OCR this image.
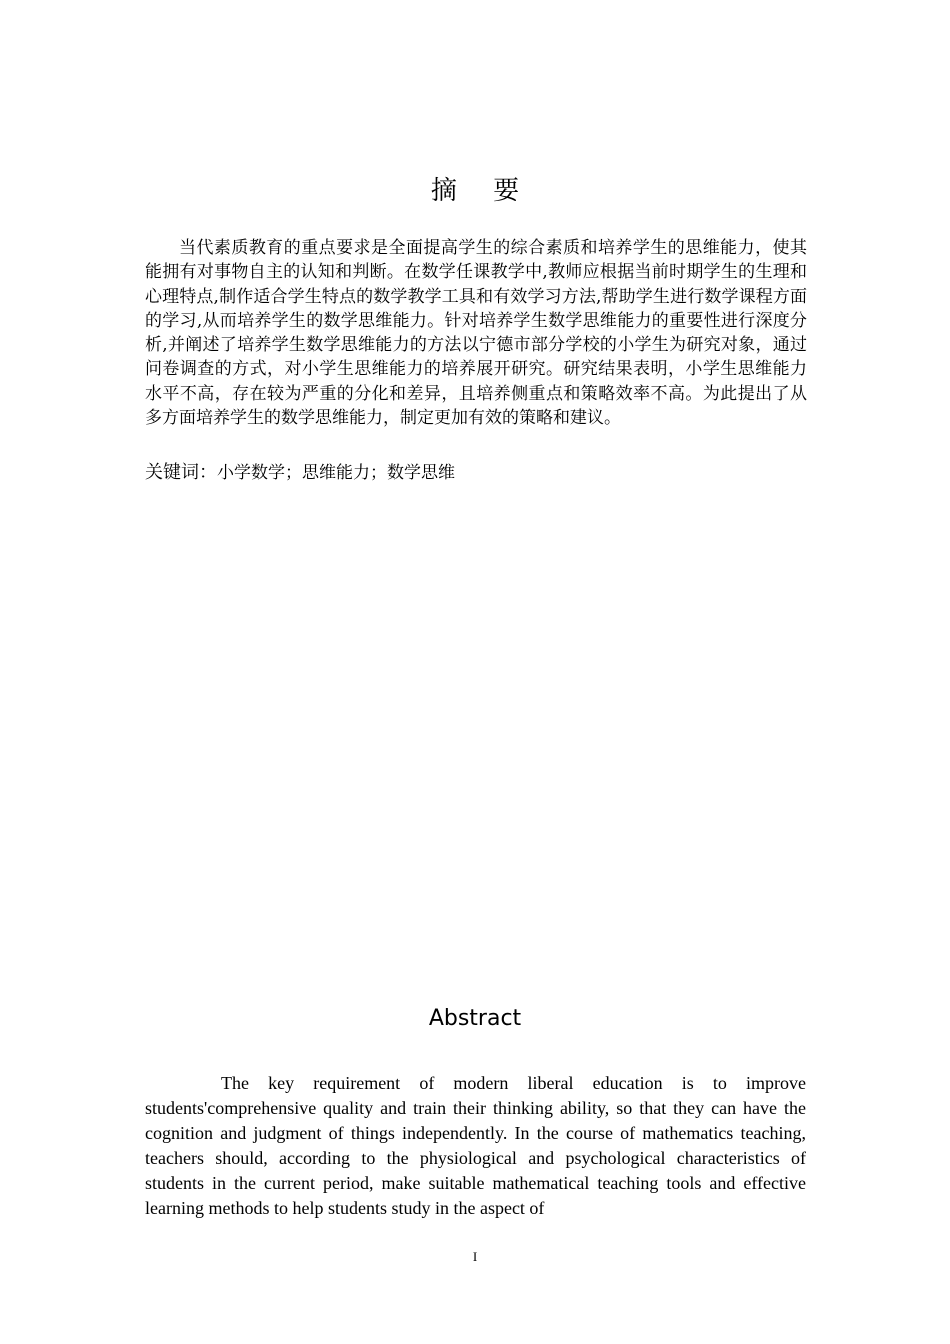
摘 要

当代素质教育的重点要求是全面提高学生的综合素质和培养学生的思维能力，使其能拥有对事物自主的认知和判断。在数学任课教学中,教师应根据当前时期学生的生理和心理特点,制作适合学生特点的数学教学工具和有效学习方法,帮助学生进行数学课程方面的学习,从而培养学生的数学思维能力。针对培养学生数学思维能力的重要性进行深度分析,并阐述了培养学生数学思维能力的方法以宁德市部分学校的小学生为研究对象，通过问卷调查的方式，对小学生思维能力的培养展开研究。研究结果表明，小学生思维能力水平不高，存在较为严重的分化和差异，且培养侧重点和策略效率不高。为此提出了从多方面培养学生的数学思维能力，制定更加有效的策略和建议。

关键词：小学数学；思维能力；数学思维

Abstract

The key requirement of modern liberal education is to improve students'comprehensive quality and train their thinking ability, so that they can have the cognition and judgment of things independently. In the course of mathematics teaching, teachers should, according to the physiological and psychological characteristics of students in the current period, make suitable mathematical teaching tools and effective learning methods to help students study in the aspect of

I
